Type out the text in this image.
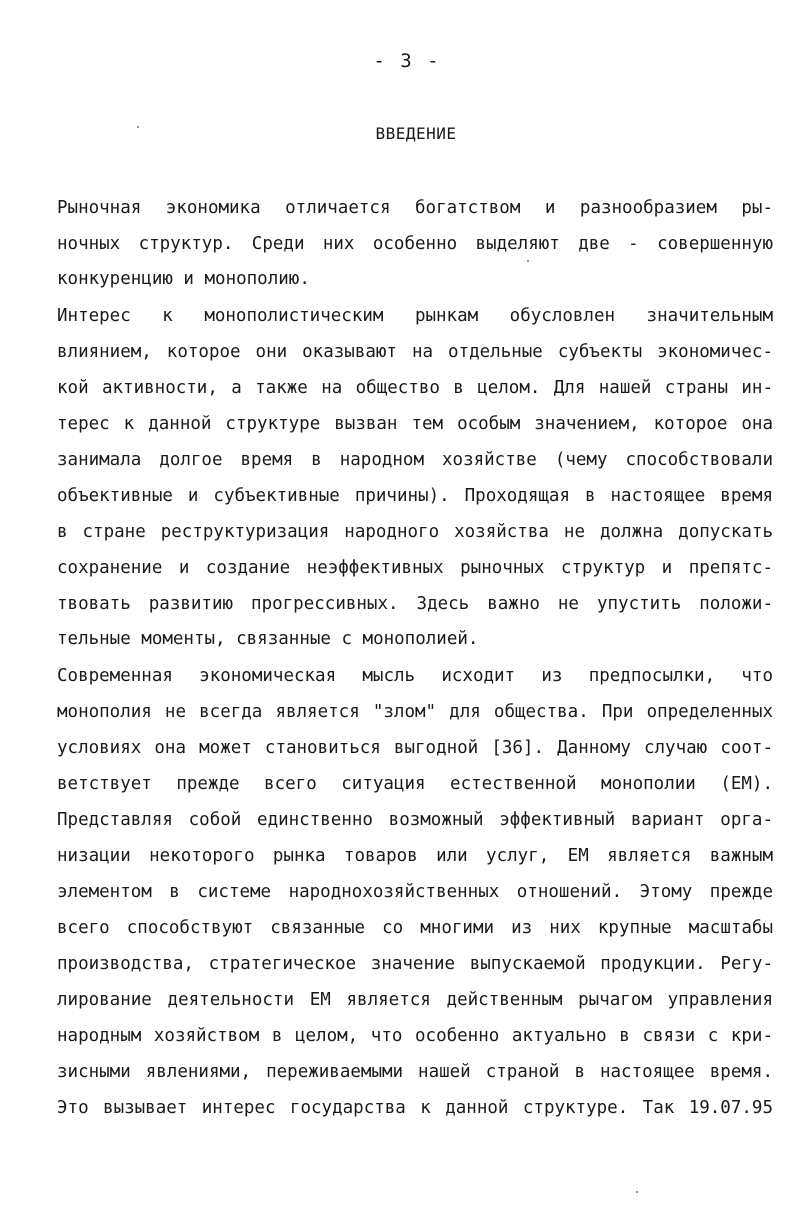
- 3 -
ВВЕДЕНИЕ
Рыночная экономика отличается богатством и разнообразием ры-
ночных структур. Среди них особенно выделяют две - совершенную
конкуренцию и монополию.
Интерес к монополистическим рынкам обусловлен значительным
влиянием, которое они оказывают на отдельные субъекты экономичес-
кой активности, а также на общество в целом. Для нашей страны ин-
терес к данной структуре вызван тем особым значением, которое она
занимала долгое время в народном хозяйстве (чему способствовали
объективные и субъективные причины). Проходящая в настоящее время
в стране реструктуризация народного хозяйства не должна допускать
сохранение и создание неэффективных рыночных структур и препятс-
твовать развитию прогрессивных. Здесь важно не упустить положи-
тельные моменты, связанные с монополией.
Современная экономическая мысль исходит из предпосылки, что
монополия не всегда является "злом" для общества. При определенных
условиях она может становиться выгодной [36]. Данному случаю соот-
ветствует прежде всего ситуация естественной монополии (ЕМ).
Представляя собой единственно возможный эффективный вариант орга-
низации некоторого рынка товаров или услуг, ЕМ является важным
элементом в системе народнохозяйственных отношений. Этому прежде
всего способствуют связанные со многими из них крупные масштабы
производства, стратегическое значение выпускаемой продукции. Регу-
лирование деятельности ЕМ является действенным рычагом управления
народным хозяйством в целом, что особенно актуально в связи с кри-
зисными явлениями, переживаемыми нашей страной в настоящее время.
Это вызывает интерес государства к данной структуре. Так 19.07.95
